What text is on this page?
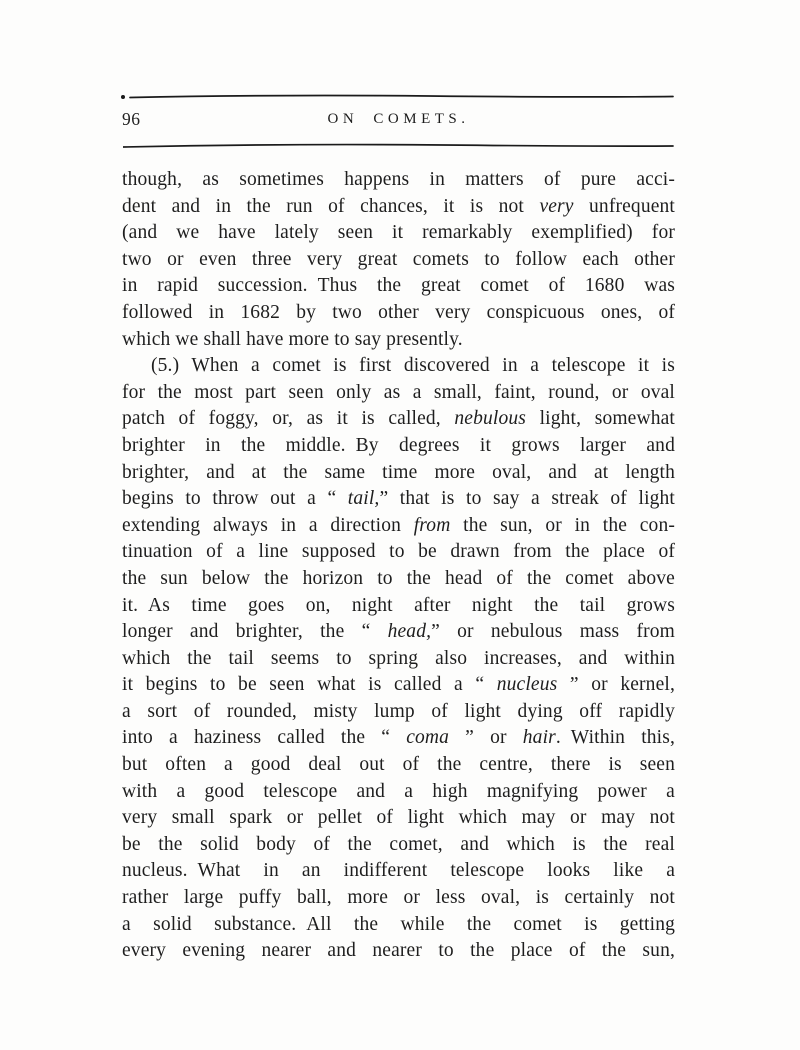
96	ON COMETS.
though, as sometimes happens in matters of pure acci-
dent and in the run of chances, it is not very unfrequent
(and we have lately seen it remarkably exemplified) for
two or even three very great comets to follow each other
in rapid succession. Thus the great comet of 1680 was
followed in 1682 by two other very conspicuous ones, of
which we shall have more to say presently.
(5.) When a comet is first discovered in a telescope it is
for the most part seen only as a small, faint, round, or oval
patch of foggy, or, as it is called, nebulous light, somewhat
brighter in the middle. By degrees it grows larger and
brighter, and at the same time more oval, and at length
begins to throw out a “ tail,” that is to say a streak of light
extending always in a direction from the sun, or in the con-
tinuation of a line supposed to be drawn from the place of
the sun below the horizon to the head of the comet above
it. As time goes on, night after night the tail grows
longer and brighter, the “ head,” or nebulous mass from
which the tail seems to spring also increases, and within
it begins to be seen what is called a “ nucleus ” or kernel,
a sort of rounded, misty lump of light dying off rapidly
into a haziness called the “ coma ” or hair. Within this,
but often a good deal out of the centre, there is seen
with a good telescope and a high magnifying power a
very small spark or pellet of light which may or may not
be the solid body of the comet, and which is the real
nucleus. What in an indifferent telescope looks like a
rather large puffy ball, more or less oval, is certainly not
a solid substance. All the while the comet is getting
every evening nearer and nearer to the place of the sun,
